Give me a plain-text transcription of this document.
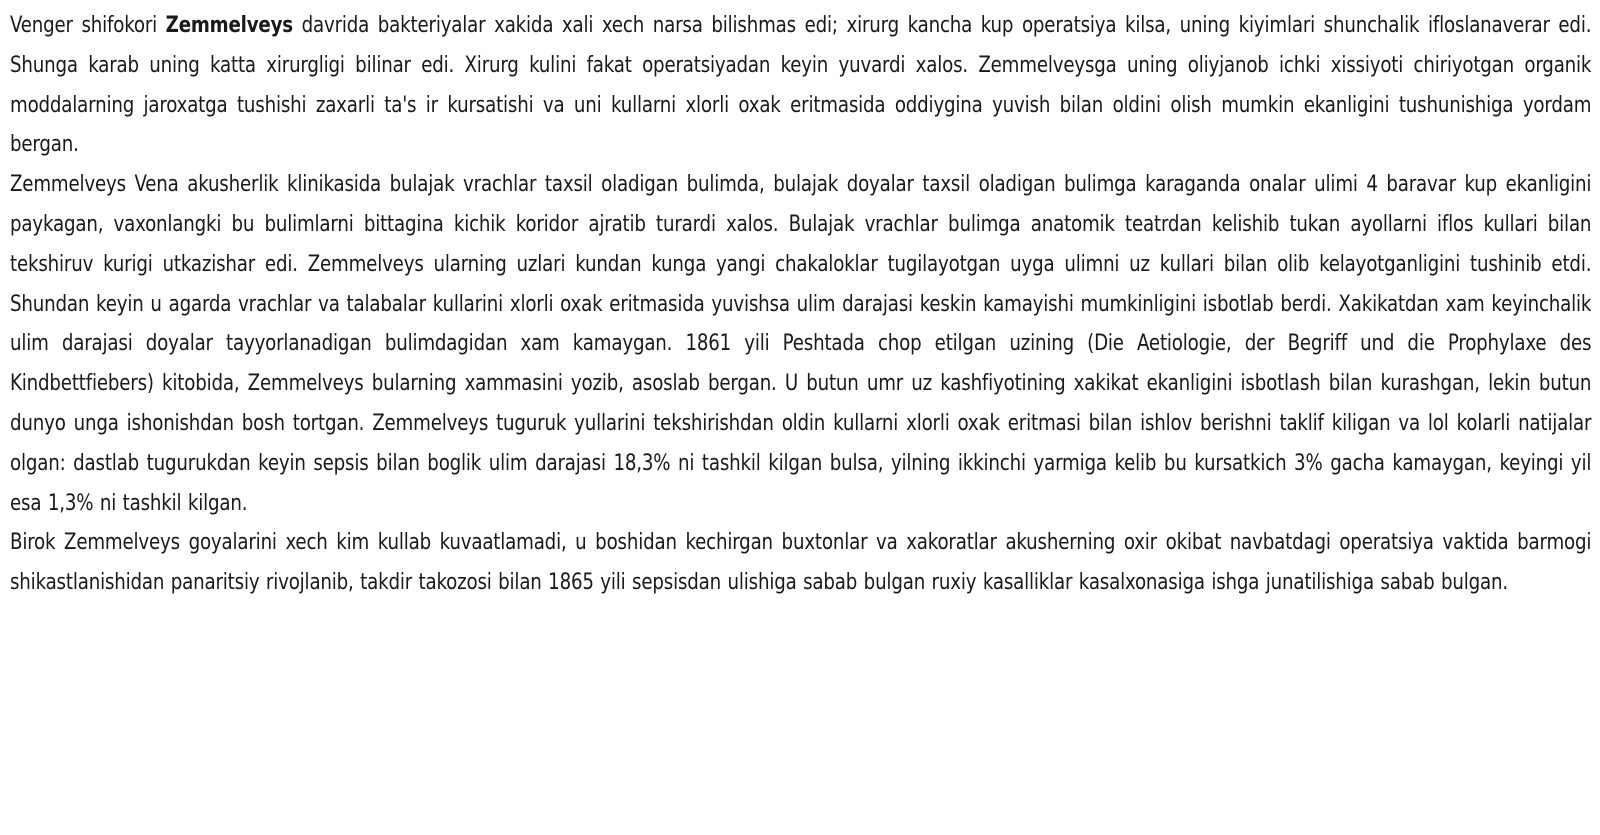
Venger shifokori Zemmelveys davrida bakteriyalar xakida xali xech narsa bilishmas edi; xirurg kancha kup operatsiya kilsa, uning kiyimlari shunchalik ifloslanaverar edi. Shunga karab uning katta xirurgligi bilinar edi. Xirurg kulini fakat operatsiyadan keyin yuvardi xalos. Zemmelveysga uning oliyjanob ichki xissiyoti chiriyotgan organik moddalarning jaroxatga tushishi zaxarli ta's ir kursatishi va uni kullarni xlorli oxak eritmasida oddiygina yuvish bilan oldini olish mumkin ekanligini tushunishiga yordam bergan.

Zemmelveys Vena akusherlik klinikasida bulajak vrachlar taxsil oladigan bulimda, bulajak doyalar taxsil oladigan bulimga karaganda onalar ulimi 4 baravar kup ekanligini paykagan, vaxonlangki bu bulimlarni bittagina kichik koridor ajratib turardi xalos. Bulajak vrachlar bulimga anatomik teatrdan kelishib tukan ayollarni iflos kullari bilan tekshiruv kurigi utkazishar edi. Zemmelveys ularning uzlari kundan kunga yangi chakaloklar tugilayotgan uyga ulimni uz kullari bilan olib kelayotganligini tushinib etdi. Shundan keyin u agarda vrachlar va talabalar kullarini xlorli oxak eritmasida yuvishsa ulim darajasi keskin kamayishi mumkinligini isbotlab berdi. Xakikatdan xam keyinchalik ulim darajasi doyalar tayyorlanadigan bulimdagidan xam kamaygan. 1861 yili Peshtada chop etilgan uzining (Die Aetiologie, der Begriff und die Prophylaxe des Kindbettfiebers) kitobida, Zemmelveys bularning xammasini yozib, asoslab bergan. U butun umr uz kashfiyotining xakikat ekanligini isbotlash bilan kurashgan, lekin butun dunyo unga ishonishdan bosh tortgan. Zemmelveys tuguruk yullarini tekshirishdan oldin kullarni xlorli oxak eritmasi bilan ishlov berishni taklif kiligan va lol kolarli natijalar olgan: dastlab tugurukdan keyin sepsis bilan boglik ulim darajasi 18,3% ni tashkil kilgan bulsa, yilning ikkinchi yarmiga kelib bu kursatkich 3% gacha kamaygan, keyingi yil esa 1,3% ni tashkil kilgan.

Birok Zemmelveys goyalarini xech kim kullab kuvaatlamadi, u boshidan kechirgan buxtonlar va xakoratlar akusherning oxir okibat navbatdagi operatsiya vaktida barmogi shikastlanishidan panaritsiy rivojlanib, takdir takozosi bilan 1865 yili sepsisdan ulishiga sabab bulgan ruxiy kasalliklar kasalxonasiga ishga junatilishiga sabab bulgan.
